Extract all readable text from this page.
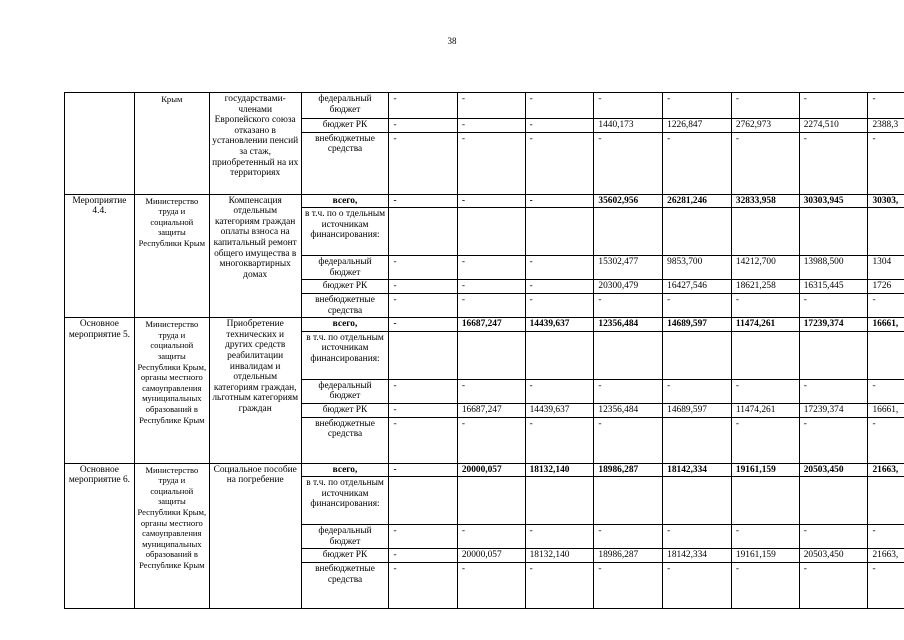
38
	Крым	государствами-членами Европейского союза отказано в установлении пенсий за стаж, приобретенный на их территориях	федеральный бюджет	-	-	-	-	-	-	-	-
			бюджет РК	-	-	-	1440,173	1226,847	2762,973	2274,510	2388,3
			внебюджетные средства	-	-	-	-	-	-	-	-
Мероприятие 4.4.	Министерство труда и социальной защиты Республики Крым	Компенсация отдельным категориям граждан оплаты взноса на капитальный ремонт общего имущества в многоквартирных домах	всего,	-	-	-	35602,956	26281,246	32833,958	30303,945	30303,
			в т.ч. по о тдельным источникам финансирования:								
			федеральный бюджет	-	-	-	15302,477	9853,700	14212,700	13988,500	1304
			бюджет РК	-	-	-	20300,479	16427,546	18621,258	16315,445	1726
			внебюджетные средства	-	-	-	-	-	-	-	-
Основное мероприятие 5.	Министерство труда и социальной защиты Республики Крым, органы местного самоуправления муниципальных образований в Республике Крым	Приобретение технических и других средств реабилитации инвалидам и отдельным категориям граждан, льготным категориям граждан	всего,	-	16687,247	14439,637	12356,484	14689,597	11474,261	17239,374	16661,
			в т.ч. по отдельным источникам финансирования:								
			федеральный бюджет	-	-	-	-	-	-	-	-
			бюджет РК	-	16687,247	14439,637	12356,484	14689,597	11474,261	17239,374	16661,
			внебюджетные средства	-	-	-	-		-	-	-
Основное мероприятие 6.	Министерство труда и социальной защиты Республики Крым, органы местного самоуправления муниципальных образований в Республике Крым	Социальное пособие на погребение	всего,	-	20000,057	18132,140	18986,287	18142,334	19161,159	20503,450	21663,
			в т.ч. по отдельным источникам финансирования:								
			федеральный бюджет	-	-	-	-	-	-	-	-
			бюджет РК	-	20000,057	18132,140	18986,287	18142,334	19161,159	20503,450	21663,
			внебюджетные средства	-	-	-	-	-	-	-	-
